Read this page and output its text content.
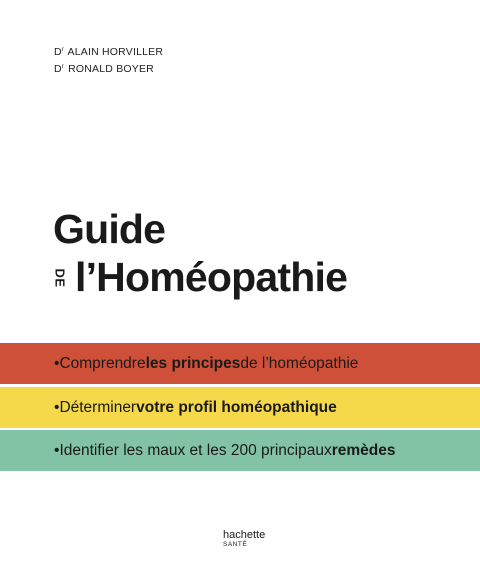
$D^r$ ALAIN HORVILLER
$D^r$ RONALD BOYER
Guide
DE l’Homéopathie
• Comprendre les principes de l’homéopathie
• Déterminer votre profil homéopathique
• Identifier les maux et les 200 principaux remèdes
hachette
SANTÉ
